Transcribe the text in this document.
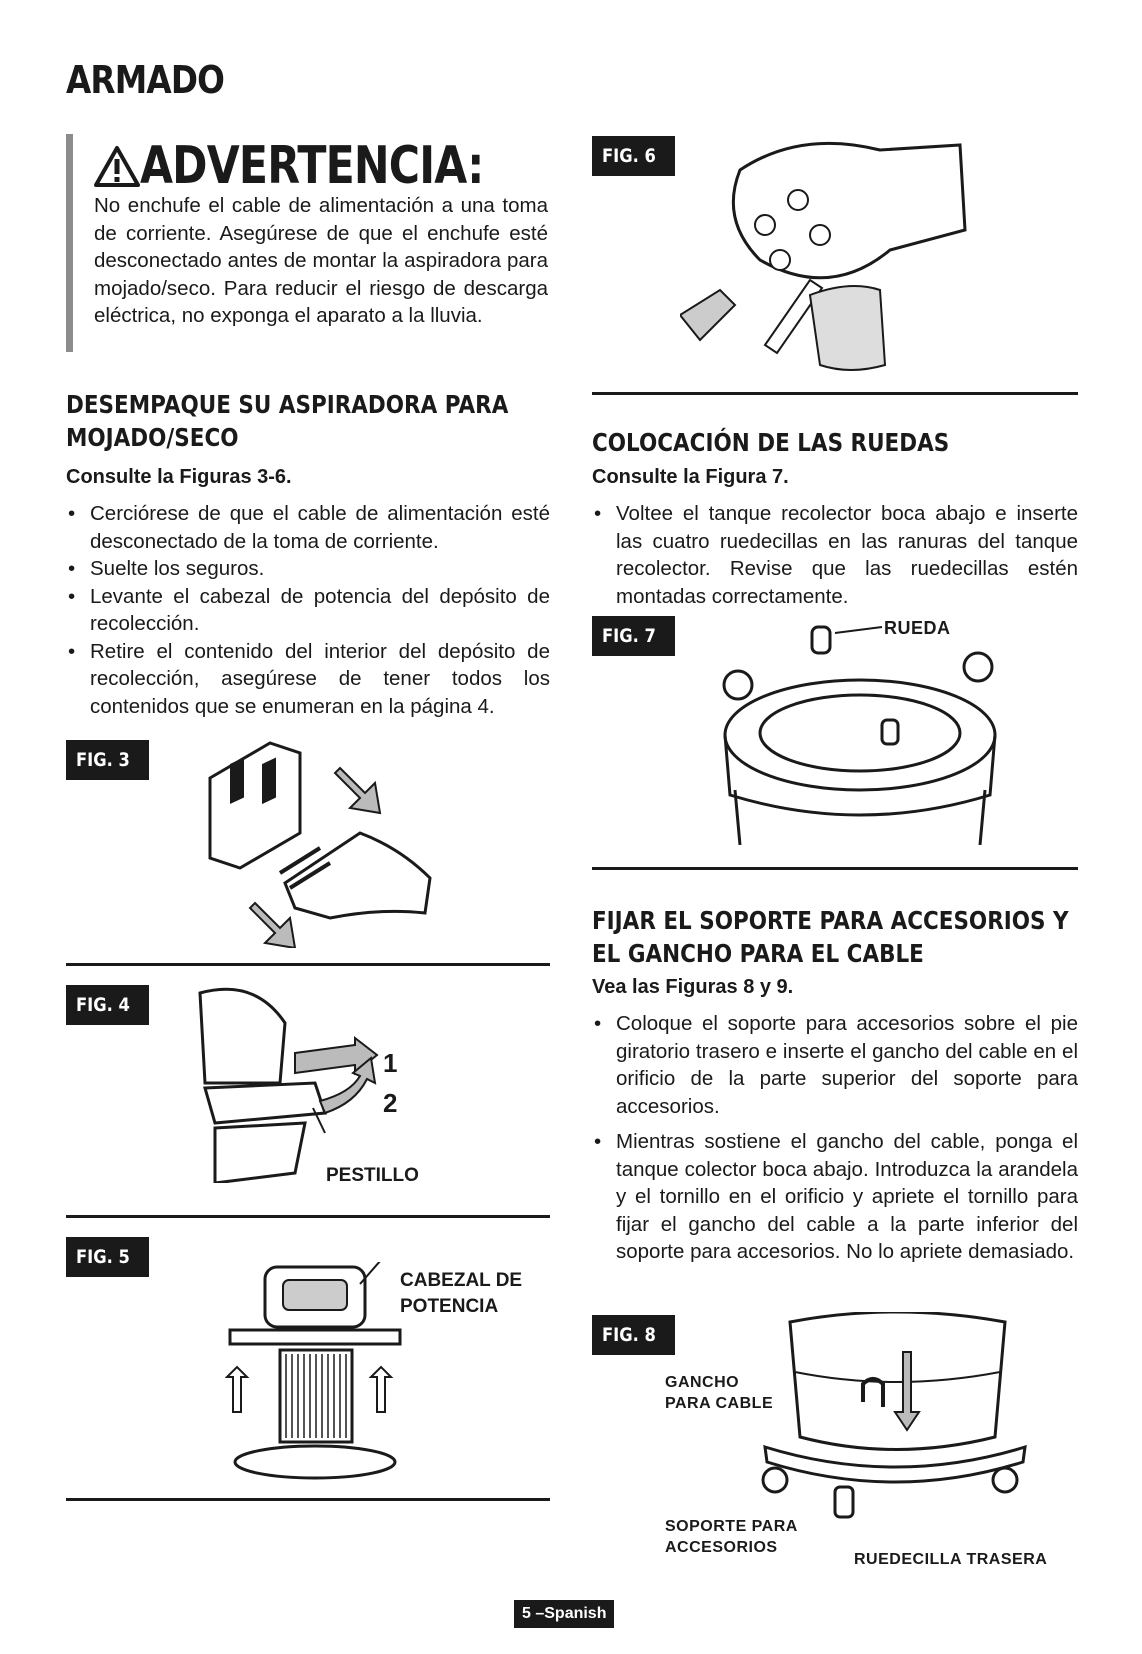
ARMADO
ADVERTENCIA:

No enchufe el cable de alimentación a una toma de corriente. Asegúrese de que el enchufe esté desconectado antes de montar la aspiradora para mojado/seco. Para reducir el riesgo de descarga eléctrica, no exponga el aparato a la lluvia.

DESEMPAQUE SU ASPIRADORA PARA

MOJADO/SECO

Consulte la Figuras 3-6.

• Cerciórese de que el cable de alimentación esté desconectado de la toma de corriente.
• Suelte los seguros.
• Levante el cabezal de potencia del depósito de recolección.
• Retire el contenido del interior del depósito de recolección, asegúrese de tener todos los contenidos que se enumeran en la página 4.
FIG. 3
FIG. 4
1
2
PESTILLO
FIG. 5
CABEZAL DE
POTENCIA
FIG. 6

COLOCACIÓN DE LAS RUEDAS

Consulte la Figura 7.

• Voltee el tanque recolector boca abajo e inserte las cuatro ruedecillas en las ranuras del tanque recolector. Revise que las ruedecillas estén montadas correctamente.
FIG. 7	RUEDA

FIJAR EL SOPORTE PARA ACCESORIOS Y

EL GANCHO PARA EL CABLE

Vea las Figuras 8 y 9.

• Coloque el soporte para accesorios sobre el pie giratorio trasero e inserte el gancho del cable en el orificio de la parte superior del soporte para accesorios.
• Mientras sostiene el gancho del cable, ponga el tanque colector boca abajo. Introduzca la arandela y el tornillo en el orificio y apriete el tornillo para fijar el gancho del cable a la parte inferior del soporte para accesorios. No lo apriete demasiado.
FIG. 8
GANCHO
PARA CABLE
SOPORTE PARA
ACCESORIOS
RUEDECILLA TRASERA
5 –Spanish
